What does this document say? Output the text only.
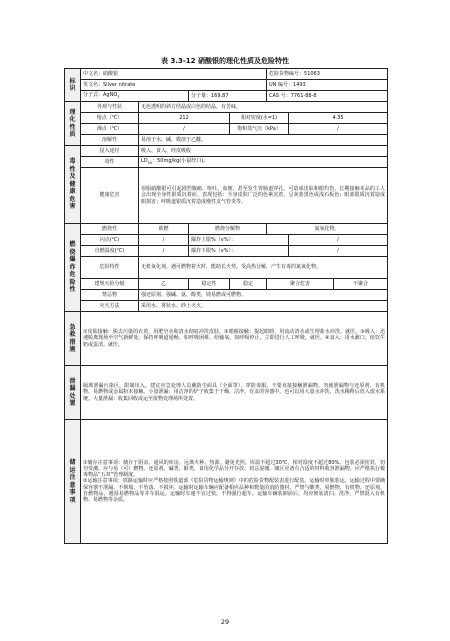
表 3.3-12 硝酸银的理化性质及危险特性
标识	中文名：硝酸银				危险货物编号：51063		
	英文名：Silver nitrate				UN 编号：1493		
	分子式：AgNO$_3$		分子量：169.87		CAS 号：7761-88-8		

理化性质	外观与性状	无色透明的斜方结晶或白色的结晶，有苦味。					
	熔点（℃）	212		相对密度(水=1)		4.35	
	沸点（℃）	/		饱和蒸气压（kPa）		/	
	溶解性	易溶于水、碱，微溶于乙醚。					

毒性及健康危害	侵入途径	吸入、食入、经皮吸收					
	毒性	$LD_{50}$：50mg/kg(小鼠经口)。					
	健康危害	误服硝酸银可引起剧烈腹痛、呕吐、血便，甚至发生胃肠道穿孔。可造成皮肤和眼灼伤。长期接触本品的工人会出现全身性银质沉着症。表现包括：全身皮肤广泛的色素沉着，呈灰蓝黑色或浅石板色；眼部银质沉着造成眼损害；呼吸道银质沉着造成慢性支气管炎等。					

燃烧爆炸危险性	燃烧性	助燃	燃烧分解物		氮氧化物。		
	闪点(℃)	/	爆炸上限%（v%）：			/	
	自燃温度(℃)	/	爆炸下限%（v%）：			/	
	危险特性	无机氧化剂。遇可燃物着火时，能助长火势。受高热分解，产生有毒的氮氧化物。					
	建规火险分级	乙	稳定性	稳定	聚合危害		不聚合
	禁忌物	强还原剂、强碱、氨、醇类、镁易燃或可燃物。					
	灭火方法	采用水、雾状水、砂土灭火。					

急救措施	①皮肤接触：脱去污染的衣着，用肥皂水和清水彻底冲洗皮肤。②眼睛接触：提起眼睑，用流动清水或生理盐水冲洗。就医。③吸入：迅速脱离现场至空气新鲜处。保持呼吸道通畅。如呼吸困难，给输氧。如呼吸停止，立即进行人工呼吸。就医。④食入：用水漱口，给饮牛奶或蛋清。就医。						

泄漏处置	隔离泄漏污染区，限制出入。建议应急处理人员戴防尘面具（全面罩），穿防毒服。不要直接接触泄漏物。勿使泄漏物与还原剂、有机物、易燃物或金属粉末接触。小量泄漏：用洁净的铲子收集于干燥、洁净、有盖的容器中。也可以用大量水冲洗，洗水稀释后放入废水系统。大量泄漏：收集回收或运至废物处理场所处置。						

储运注意事项	①储存注意事项：储存于阴凉、通风的库房。远离火种、热源。避免光照。库温不超过30℃，相对湿度不超过80%。包装必须密封，切勿受潮。应与易（可）燃物、还原剂、碱类、醇类、食用化学品分开存放，切忌混储。储区应备有合适的材料收容泄漏物。应严格执行极毒物品“五双”管理制度。
②运输注意事项：铁路运输时应严格按照铁道部《危险货物运输规则》中的危险货物配装表进行配装。运输时单独装运，运输过程中要确保容器不泄漏、不倒塌、不坠落、不损坏。运输时运输车辆应配备相应品种和数量的消防器材。严禁与酸类、易燃物、有机物、还原剂、自燃物品、遇湿易燃物品等并车混运。运输时车速不宜过快，不得强行超车。运输车辆装卸前后，均应彻底清扫、洗净，严禁混入有机物、易燃物等杂质。						
29
